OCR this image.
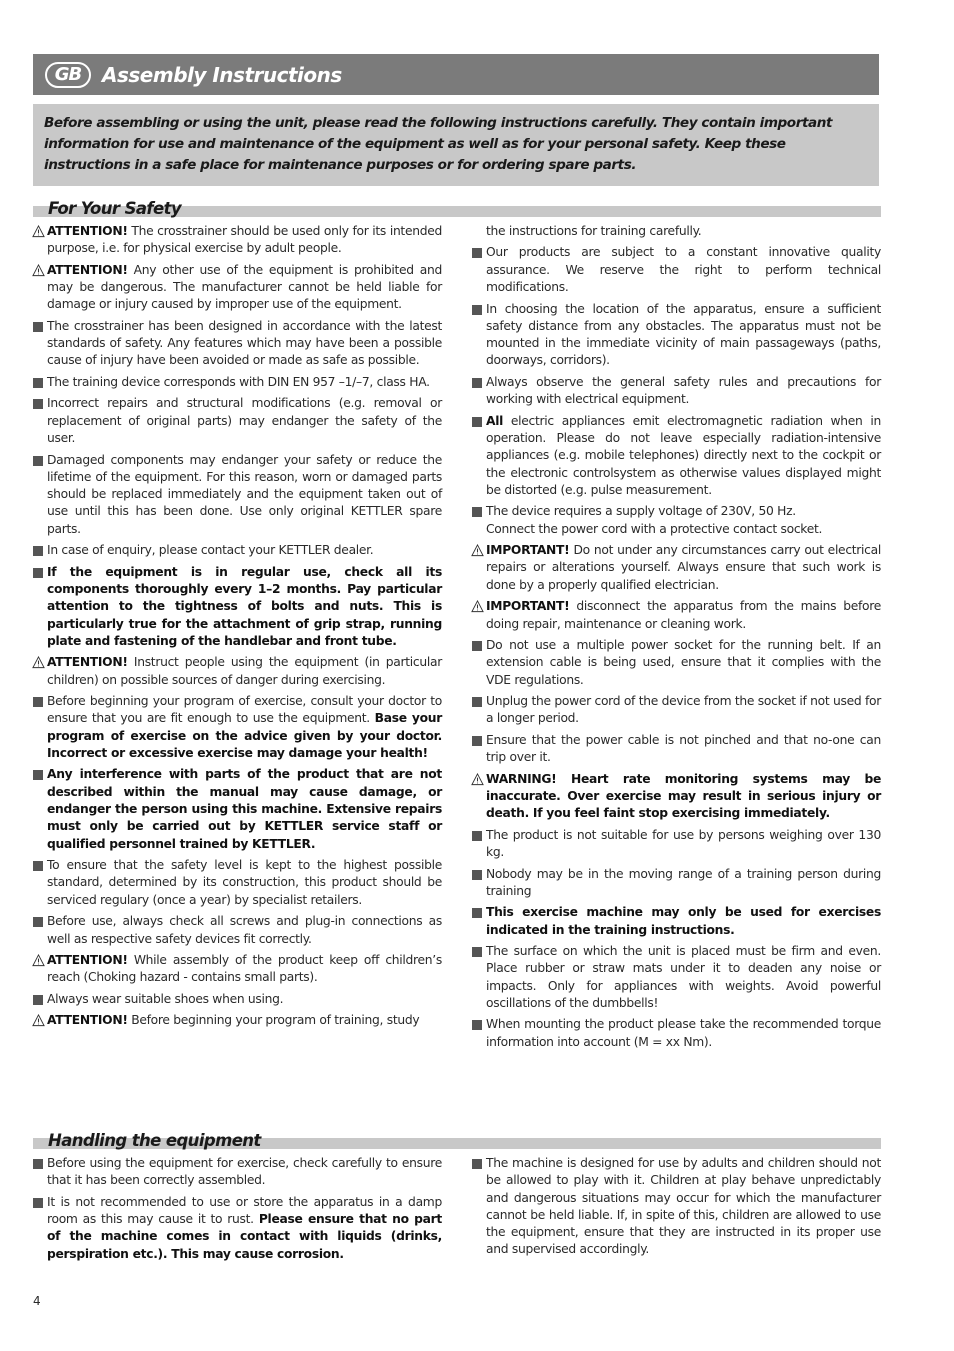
GB	Assembly Instructions
Before assembling or using the unit, please read the following instructions carefully. They contain important information for use and maintenance of the equipment as well as for your personal safety. Keep these instructions in a safe place for maintenance purposes or for ordering spare parts.
For Your Safety
ATTENTION! The crosstrainer should be used only for its intended purpose, i.e. for physical exercise by adult people.
ATTENTION! Any other use of the equipment is prohibited and may be dangerous. The manufacturer cannot be held liable for damage or injury caused by improper use of the equipment.
The crosstrainer has been designed in accordance with the latest standards of safety. Any features which may have been a possible cause of injury have been avoided or made as safe as possible.
The training device corresponds with DIN EN 957 –1/–7, class HA.
Incorrect repairs and structural modifications (e.g. removal or replacement of original parts) may endanger the safety of the user.
Damaged components may endanger your safety or reduce the lifetime of the equipment. For this reason, worn or damaged parts should be replaced immediately and the equipment taken out of use until this has been done. Use only original KETTLER spare parts.
In case of enquiry, please contact your KETTLER dealer.
If the equipment is in regular use, check all its components thoroughly every 1–2 months. Pay particular attention to the tightness of bolts and nuts. This is particularly true for the attachment of grip strap, running plate and fastening of the handlebar and front tube.
ATTENTION! Instruct people using the equipment (in particular children) on possible sources of danger during exercising.
Before beginning your program of exercise, consult your doctor to ensure that you are fit enough to use the equipment. Base your program of exercise on the advice given by your doctor. Incorrect or excessive exercise may damage your health!
Any interference with parts of the product that are not described within the manual may cause damage, or endanger the person using this machine. Extensive repairs must only be carried out by KETTLER service staff or qualified personnel trained by KETTLER.
To ensure that the safety level is kept to the highest possible standard, determined by its construction, this product should be serviced regulary (once a year) by specialist retailers.
Before use, always check all screws and plug-in connections as well as respective safety devices fit correctly.
ATTENTION! While assembly of the product keep off children’s reach (Choking hazard - contains small parts).
Always wear suitable shoes when using.
ATTENTION! Before beginning your program of training, study
the instructions for training carefully.
Our products are subject to a constant innovative quality assurance. We reserve the right to perform technical modifications.
In choosing the location of the apparatus, ensure a sufficient safety distance from any obstacles. The apparatus must not be mounted in the immediate vicinity of main passageways (paths, doorways, corridors).
Always observe the general safety rules and precautions for working with electrical equipment.
All electric appliances emit electromagnetic radiation when in operation. Please do not leave especially radiation-intensive appliances (e.g. mobile telephones) directly next to the cockpit or the electronic controlsystem as otherwise values displayed might be distorted (e.g. pulse measurement.
The device requires a supply voltage of 230V, 50 Hz.
Connect the power cord with a protective contact socket.
IMPORTANT! Do not under any circumstances carry out electrical repairs or alterations yourself. Always ensure that such work is done by a properly qualified electrician.
IMPORTANT! disconnect the apparatus from the mains before doing repair, maintenance or cleaning work.
Do not use a multiple power socket for the running belt. If an extension cable is being used, ensure that it complies with the VDE regulations.
Unplug the power cord of the device from the socket if not used for a longer period.
Ensure that the power cable is not pinched and that no-one can trip over it.
WARNING! Heart rate monitoring systems may be inaccurate. Over exercise may result in serious injury or death. If you feel faint stop exercising immediately.
The product is not suitable for use by persons weighing over 130 kg.
Nobody may be in the moving range of a training person during training
This exercise machine may only be used for exercises indicated in the training instructions.
The surface on which the unit is placed must be firm and even. Place rubber or straw mats under it to deaden any noise or impacts. Only for appliances with weights. Avoid powerful oscillations of the dumbbells!
When mounting the product please take the recommended torque information into account (M = xx Nm).
Handling the equipment
Before using the equipment for exercise, check carefully to ensure that it has been correctly assembled.
It is not recommended to use or store the apparatus in a damp room as this may cause it to rust. Please ensure that no part of the machine comes in contact with liquids (drinks, perspiration etc.). This may cause corrosion.
The machine is designed for use by adults and children should not be allowed to play with it. Children at play behave unpredictably and dangerous situations may occur for which the manufacturer cannot be held liable. If, in spite of this, children are allowed to use the equipment, ensure that they are instructed in its proper use and supervised accordingly.
4
